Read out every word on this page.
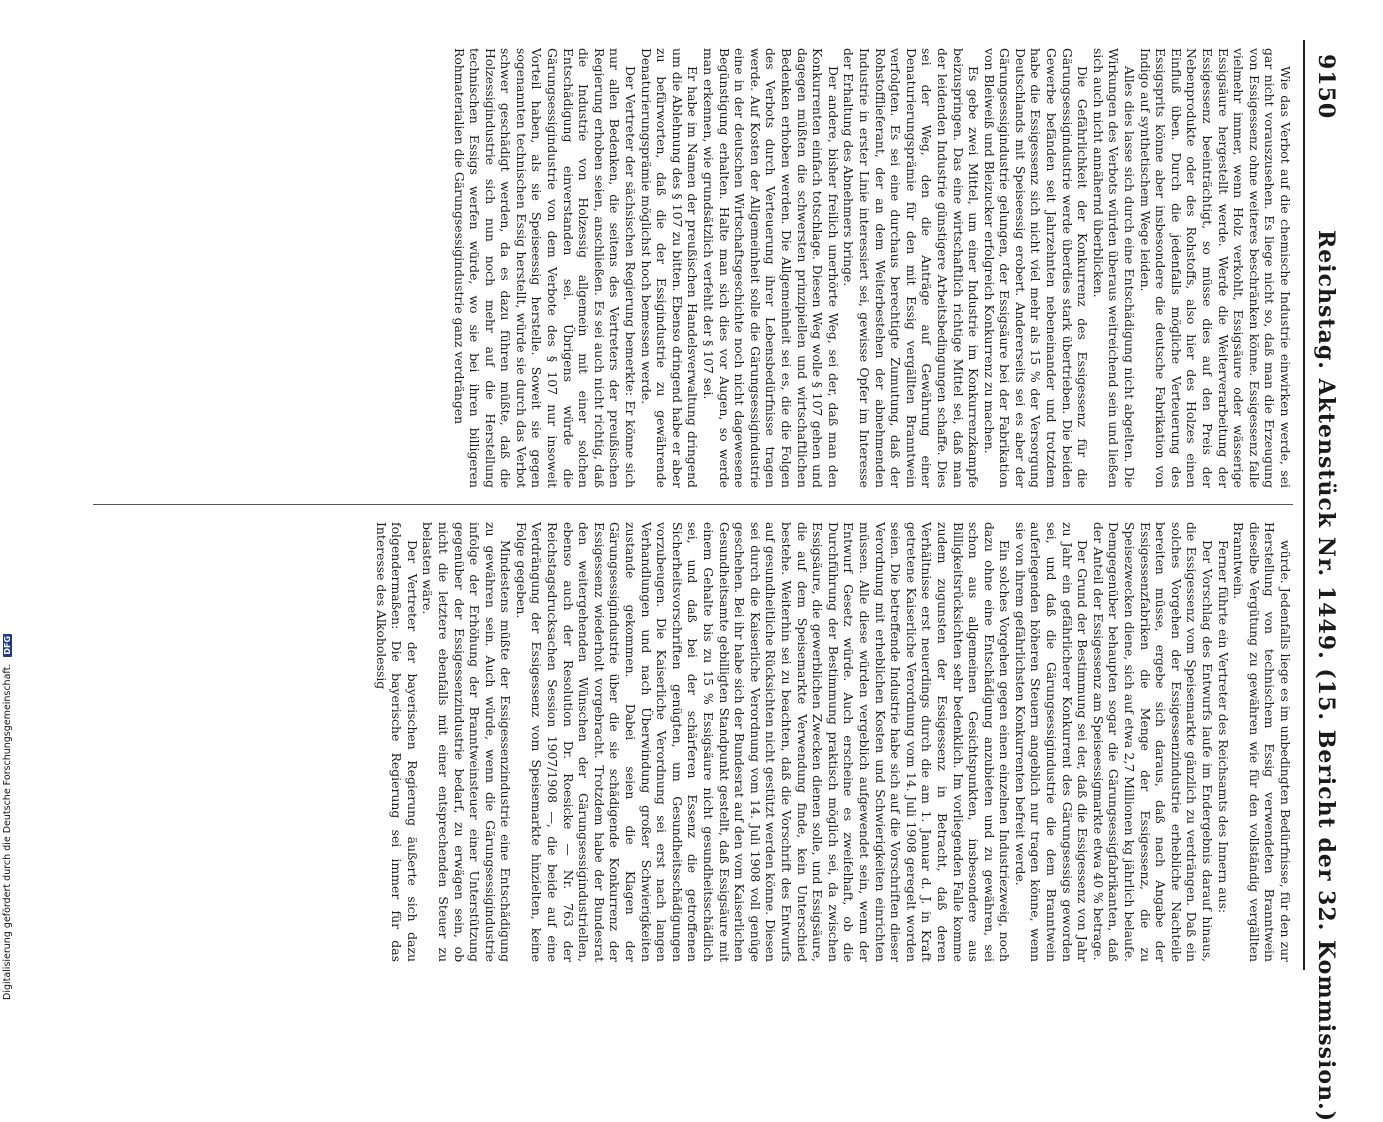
9150
Reichstag. Aktenstück Nr. 1449. (15. Bericht der 32. Kommission.)

Wie das Verbot auf die chemische Industrie einwirken werde, sei gar nicht vorauszusehen. Es liege nicht so, daß man die Erzeugung von Essigessenz ohne weiteres beschränken könne. Essigessenz falle vielmehr immer, wenn Holz verkohlt, Essigsäure oder wässerige Essigsäure hergestellt werde. Werde die Weiterverarbeitung der Essigessenz beeinträchtigt, so müsse dies auf den Preis der Nebenprodukte oder des Rohstoffs, also hier des Holzes einen Einfluß üben. Durch die jedenfalls mögliche Verteuerung des Essigsprits könne aber insbesondere die deutsche Fabrikation von Indigo auf synthetischem Wege leiden.

Alles dies lasse sich durch eine Entschädigung nicht abgelten. Die Wirkungen des Verbots würden überaus weitreichend sein und ließen sich auch nicht annähernd überblicken.

Die Gefährlichkeit der Konkurrenz des Essigessenz für die Gärungsessigindustrie werde überdies stark übertrieben. Die beiden Gewerbe befänden seit Jahrzehnten nebeneinander und trotzdem habe die Essigessenz sich nicht viel mehr als 15 % der Versorgung Deutschlands mit Speiseessig erobert. Andererseits sei es aber der Gärungsessigindustrie gelungen, der Essigsäure bei der Fabrikation von Bleiweiß und Bleizucker erfolgreich Konkurrenz zu machen.

Es gebe zwei Mittel, um einer Industrie im Konkurrenzkampfe beizuspringen. Das eine wirtschaftlich richtige Mittel sei, daß man der leidenden Industrie günstigere Arbeitsbedingungen schaffe. Dies sei der Weg, den die Anträge auf Gewährung einer Denaturierungsprämie für den mit Essig vergällten Branntwein verfolgten. Es sei eine durchaus berechtigte Zumutung, daß der Rohstofflieferant, der an dem Weiterbestehen der abnehmenden Industrie in erster Linie interessiert sei, gewisse Opfer im Interesse der Erhaltung des Abnehmers bringe.

Der andere, bisher freilich unerhörte Weg, sei der, daß man den Konkurrenten einfach totschlage. Diesen Weg wolle § 107 gehen und dagegen müßten die schwersten prinzipiellen und wirtschaftlichen Bedenken erhoben werden. Die Allgemeinheit sei es, die die Folgen des Verbots durch Verteuerung ihrer Lebensbedürfnisse tragen werde. Auf Kosten der Allgemeinheit solle die Gärungsessigindustrie eine in der deutschen Wirtschaftsgeschichte noch nicht dagewesene Begünstigung erhalten. Halte man sich dies vor Augen, so werde man erkennen, wie grundsätzlich verfehlt der § 107 sei.

Er habe im Namen der preußischen Handelsverwaltung dringend um die Ablehnung des § 107 zu bitten. Ebenso dringend habe er aber zu befürworten, daß die der Essigindustrie zu gewährende Denaturierungsprämie möglichst hoch bemessen werde.

Der Vertreter der sächsischen Regierung bemerkte: Er könne sich nur allen Bedenken, die seitens des Vertreters der preußischen Regierung erhoben seien, anschließen. Es sei auch nicht richtig, daß die Industrie von Holzessig allgemein mit einer solchen Entschädigung einverstanden sei. Übrigens würde die Gärungsessigindustrie von dem Verbote des § 107 nur insoweit Vorteil haben, als sie Speiseessig herstelle. Soweit sie gegen sogenannten technischen Essig herstellt, würde sie durch das Verbot schwer geschädigt werden, da es dazu führen müßte, daß die Holzessigindustrie sich nun noch mehr auf die Herstellung technischen Essigs werfen würde, wo sie bei ihren billigeren Rohmaterialien die Gärungsessigindustrie ganz verdrängen

würde. Jedenfalls liege es im unbedingten Bedürfnisse, für den zur Herstellung von technischem Essig verwendeten Branntwein dieselbe Vergütung zu gewähren wie für den vollständig vergällten Branntwein.

Ferner führte ein Vertreter des Reichsamts des Innern aus:

Der Vorschlag des Entwurfs laufe im Endergebnis darauf hinaus, die Essigessenz vom Speisemarkte gänzlich zu verdrängen. Daß ein solches Vorgehen der Essigessenzindustrie erhebliche Nachteile bereiten müsse, ergebe sich daraus, daß nach Angabe der Essigessenzfabriken die Menge der Essigessenz, die zu Speisezwecken diene, sich auf etwa 2,7 Millionen kg jährlich belaufe. Demgegenüber behaupten sogar die Gärungsessigfabrikanten, daß der Anteil der Essigessenz am Speiseessigmarkte etwa 40 % betrage.

Der Grund der Bestimmung sei der, daß die Essigessenz von Jahr zu Jahr ein gefährlicherer Konkurrent des Gärungsessigs geworden sei, und daß die Gärungsessigindustrie die dem Branntwein auferlegenden höheren Steuern angeblich nur tragen könne, wenn sie von ihrem gefährlichsten Konkurrenten befreit werde.

Ein solches Vorgehen gegen einen einzelnen Industriezweig, noch dazu ohne eine Entschädigung anzubieten und zu gewähren, sei schon aus allgemeinen Gesichtspunkten, insbesondere aus Billigkeitsrücksichten sehr bedenklich. Im vorliegenden Falle komme zudem zugunsten der Essigessenz in Betracht, daß deren Verhältnisse erst neuerdings durch die am 1. Januar d. J. in Kraft getretene Kaiserliche Verordnung vom 14. Juli 1908 geregelt worden seien. Die betreffende Industrie habe sich auf die Vorschriften dieser Verordnung mit erheblichen Kosten und Schwierigkeiten einrichten müssen. Alle diese würden vergeblich aufgewendet sein, wenn der Entwurf Gesetz würde. Auch erscheine es zweifelhaft, ob die Durchführung der Bestimmung praktisch möglich sei, da zwischen Essigsäure, die gewerblichen Zwecken dienen solle, und Essigsäure, die auf dem Speisemarkte Verwendung finde, kein Unterschied bestehe. Weiterhin sei zu beachten, daß die Vorschrift des Entwurfs auf gesundheitliche Rücksichten nicht gestützt werden könne. Diesen sei durch die Kaiserliche Verordnung vom 14. Juli 1908 voll genüge geschehen. Bei ihr habe sich der Bundesrat auf den vom Kaiserlichen Gesundheitsamte gebilligten Standpunkt gestellt, daß Essigsäure mit einem Gehalte bis zu 15 % Essigsäure nicht gesundheitsschädlich sei, und daß bei der schärferen Essenz die getroffenen Sicherheitsvorschriften genügten, um Gesundheitsschädigungen vorzubeugen. Die Kaiserliche Verordnung sei erst nach langen Verhandlungen und nach Überwindung großer Schwierigkeiten zustande gekommen. Dabei seien die Klagen der Gärungsessigindustrie über die sie schädigende Konkurrenz der Essigessenz wiederholt vorgebracht. Trotzdem habe der Bundesrat den weitergehenden Wünschen der Gärungsessigindustriellen, ebenso auch der Resolution Dr. Roesicke — Nr. 763 der Reichstagsdrucksachen Session 1907/1908 —, die beide auf eine Verdrängung der Essigessenz vom Speisemarkte hinzielten, keine Folge gegeben.

Mindestens müßte der Essigessenzindustrie eine Entschädigung zu gewähren sein. Auch würde, wenn die Gärungsessigindustrie infolge der Erhöhung der Branntweinsteuer einer Unterstützung gegenüber der Essigessenzindustrie bedarf, zu erwägen sein, ob nicht die letztere ebenfalls mit einer entsprechenden Steuer zu belasten wäre.

Der Vertreter der bayerischen Regierung äußerte sich dazu folgendermaßen: Die bayerische Regierung sei immer für das Interesse des Alkoholessig

Digitalisierung gefördert durch die Deutsche Forschungsgemeinschaft. DFG
